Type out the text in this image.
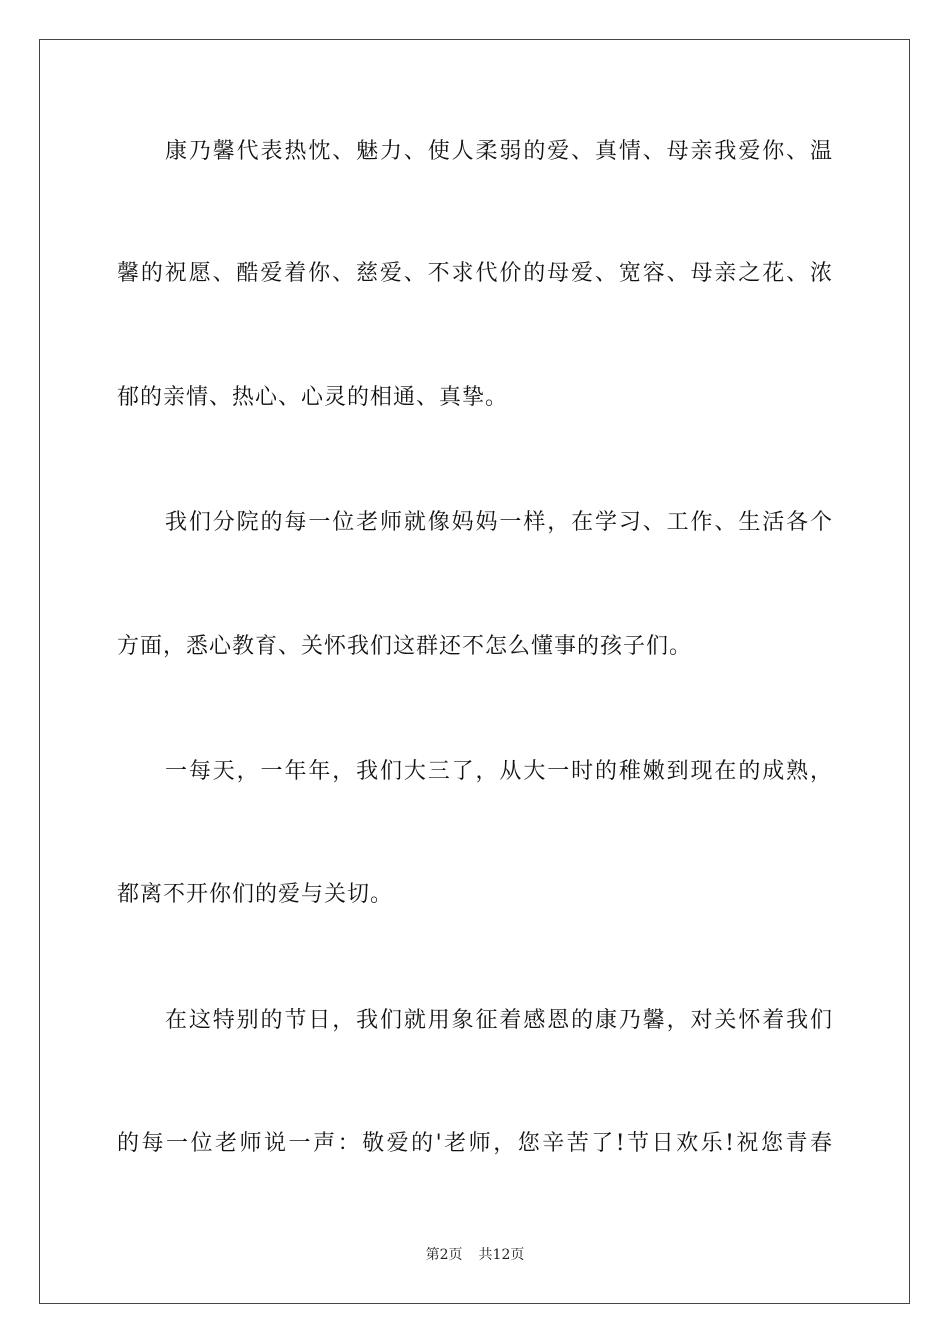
康乃馨代表热忱、魅力、使人柔弱的爱、真情、母亲我爱你、温
馨的祝愿、酷爱着你、慈爱、不求代价的母爱、宽容、母亲之花、浓
郁的亲情、热心、心灵的相通、真挚。
我们分院的每一位老师就像妈妈一样，在学习、工作、生活各个
方面，悉心教育、关怀我们这群还不怎么懂事的孩子们。
一每天，一年年，我们大三了，从大一时的稚嫩到现在的成熟，
都离不开你们的爱与关切。
在这特别的节日，我们就用象征着感恩的康乃馨，对关怀着我们
的每一位老师说一声：敬爱的'老师，您辛苦了!节日欢乐!祝您青春
第2页 共12页
